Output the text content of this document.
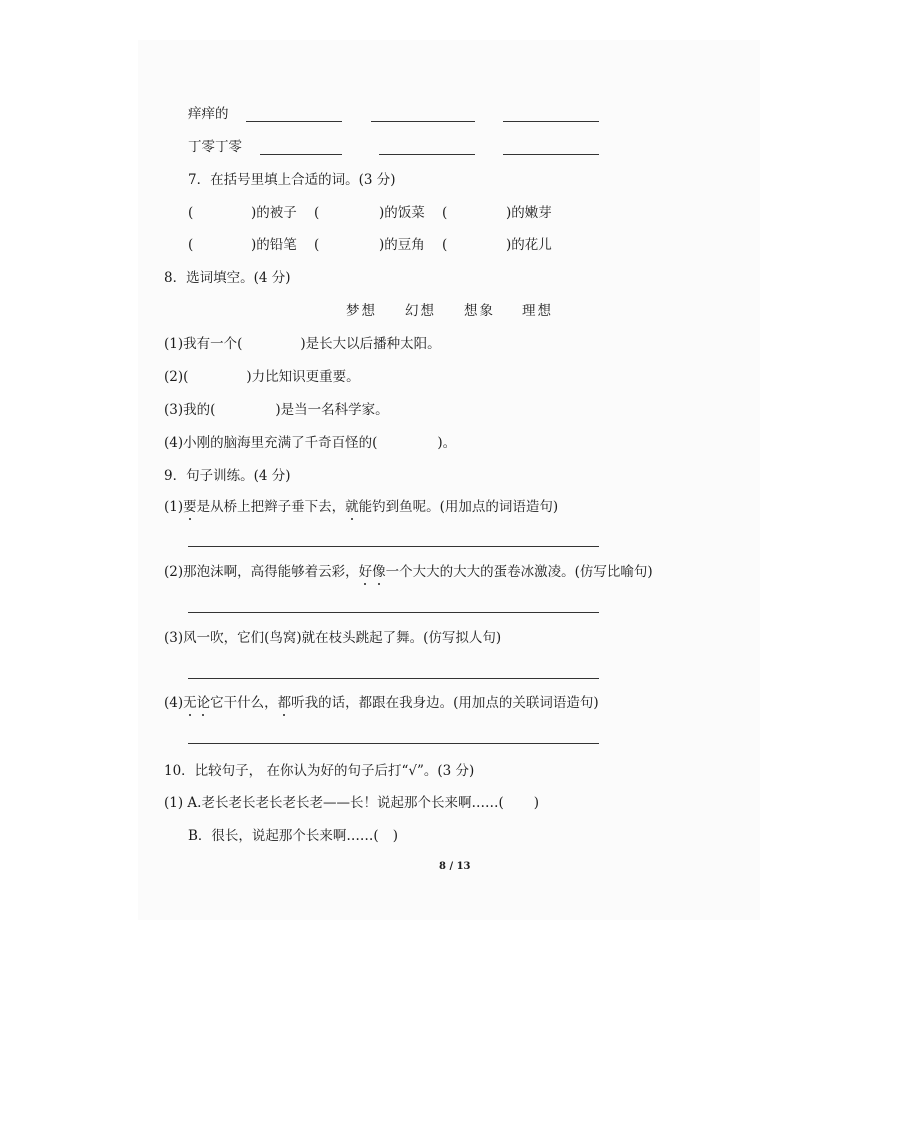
痒痒的
丁零丁零
7．在括号里填上合适的词。(3 分)
(	)的被子 (	)的饭菜 (	)的嫩芽
(	)的铅笔 (	)的豆角 (	)的花儿
8．选词填空。(4 分)
梦想 幻想 想象 理想
(1)我有一个(	)是长大以后播种太阳。
(2)(	)力比知识更重要。
(3)我的(	)是当一名科学家。
(4)小刚的脑海里充满了千奇百怪的(	)。
9．句子训练。(4 分)
(1)要是从桥上把辫子垂下去，就能钓到鱼呢。(用加点的词语造句)
(2)那泡沫啊，高得能够着云彩，好像一个大大的大大的蛋卷冰激凌。(仿写比喻句)
(3)风一吹，它们(鸟窝)就在枝头跳起了舞。(仿写拟人句)
(4)无论它干什么，都听我的话，都跟在我身边。(用加点的关联词语造句)
10．比较句子， 在你认为好的句子后打“√”。(3 分)
(1) A.老长老长老长老长老——长！说起那个长来啊……( )
B．很长，说起那个长来啊……( )
8 / 13
